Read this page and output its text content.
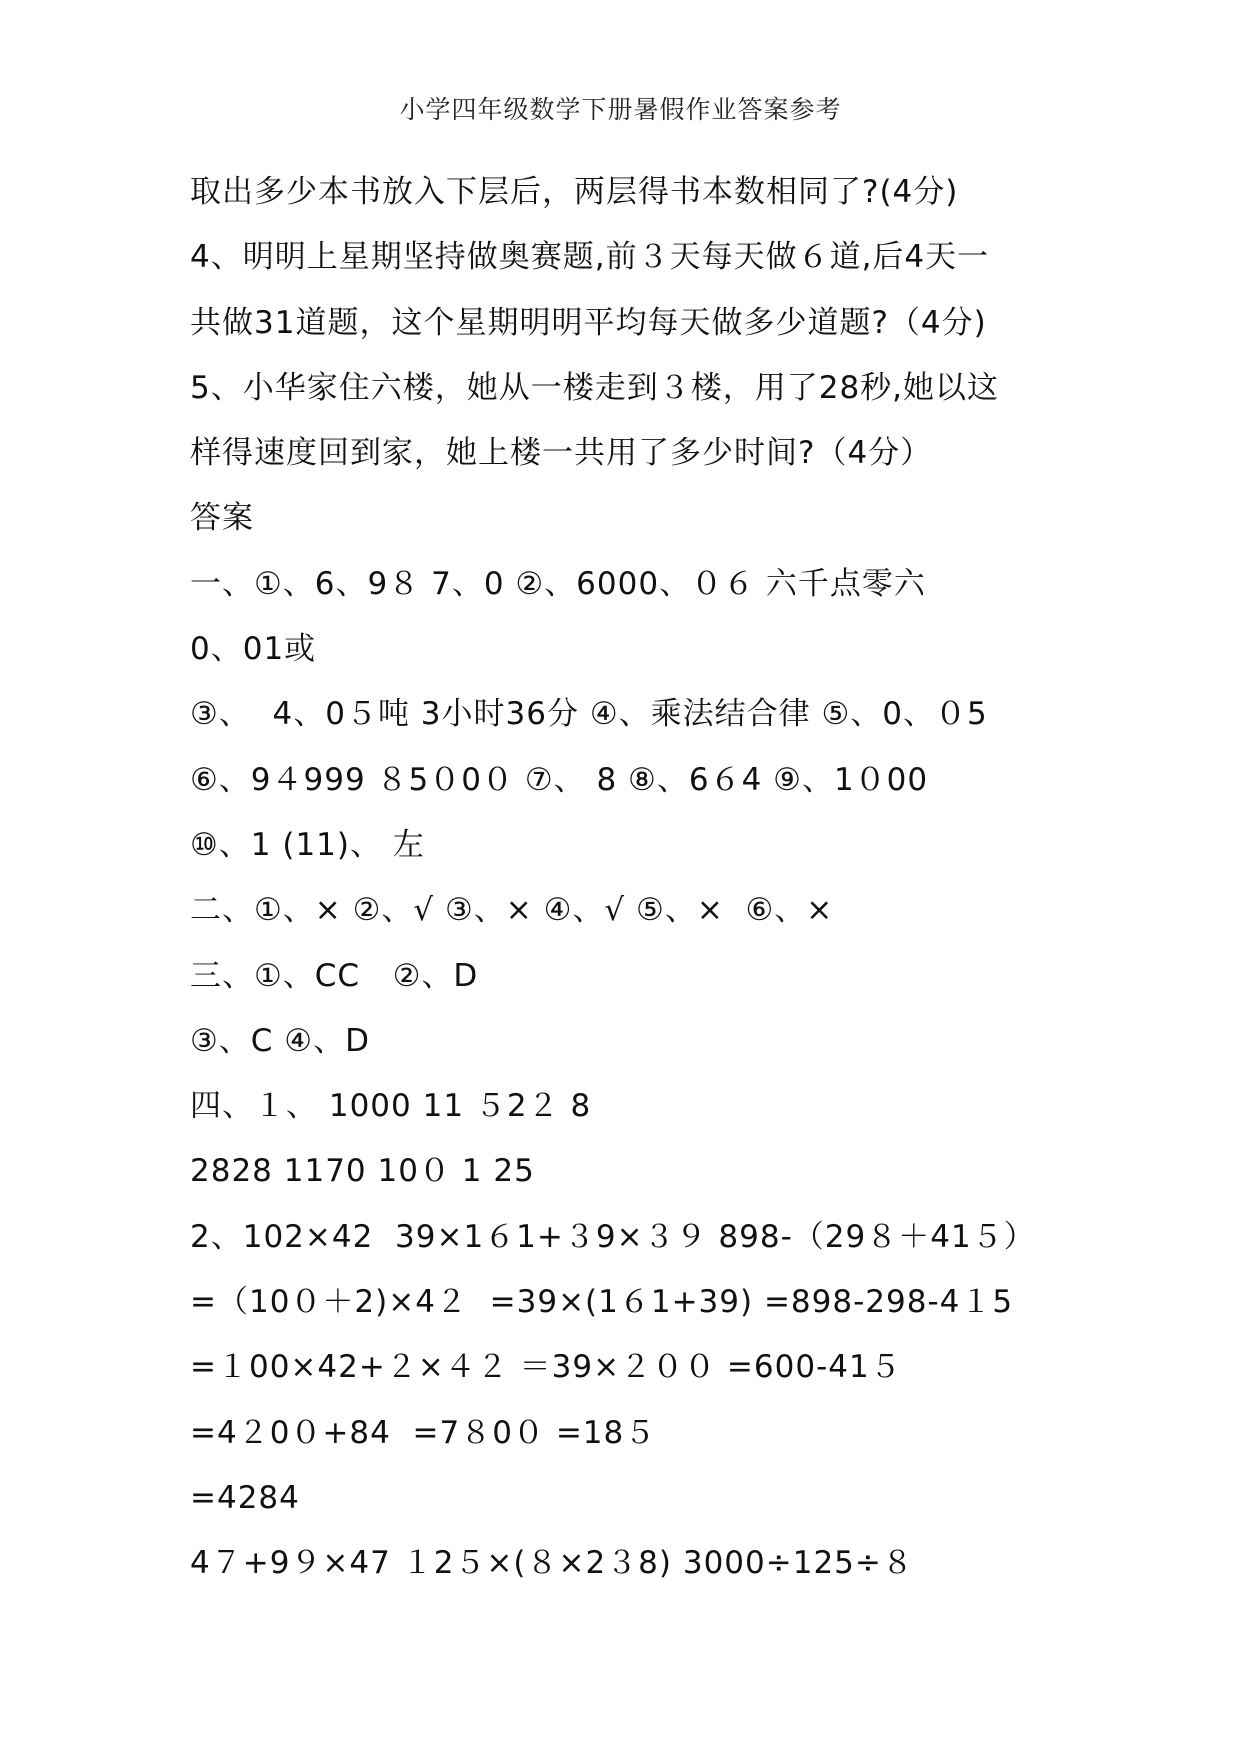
小学四年级数学下册暑假作业答案参考
取出多少本书放入下层后，两层得书本数相同了?(4分)
4、明明上星期坚持做奥赛题,前３天每天做６道,后4天一
共做31道题，这个星期明明平均每天做多少道题?（4分)
5、小华家住六楼，她从一楼走到３楼，用了28秒,她以这
样得速度回到家，她上楼一共用了多少时间?（4分）
答案
一、①、6、9８ 7、0 ②、6000、０６ 六千点零六
0、01或
③、  4、0５吨 3小时36分 ④、乘法结合律 ⑤、0、０5
⑥、9４999 ８5０0０ ⑦、 8 ⑧、6６4 ⑨、1０00
⑩、1 (11)、 左
二、①、× ②、√ ③、× ④、√ ⑤、×  ⑥、×
三、①、CC   ②、D
③、C ④、D
四、１、 1000 11 ５2２ 8
2828 1170 10０ 1 25
2、102×42  39×1６1+３9×３９ 898-（29８＋41５）
=（10０＋2)×4２  =39×(1６1+39) =898-298-4１5
=１00×42+２×４２ ＝39×２００ =600-41５
=4２0０+84  =7８0０ =18５
=4284
4７+9９×47 １2５×(８×2３8) 3000÷125÷８
